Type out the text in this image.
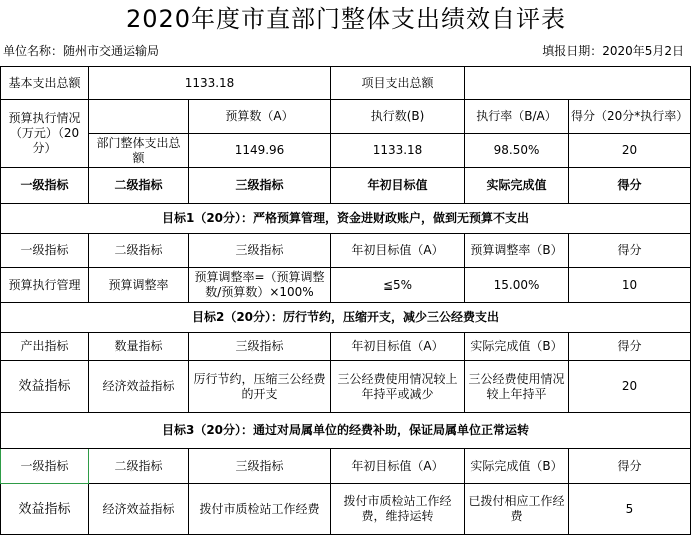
2020年度市直部门整体支出绩效自评表
单位名称：随州市交通运输局	填报日期：2020年5月2日
基本支出总额	1133.18		项目支出总额		
预算执行情况（万元）（20分）		预算数（A）	执行数(B)	执行率（B/A）	得分（20分*执行率）
	部门整体支出总额	1149.96	1133.18	98.50%	20
一级指标	二级指标	三级指标	年初目标值	实际完成值	得分
目标1（20分）：严格预算管理，资金进财政账户，做到无预算不支出					
一级指标	二级指标	三级指标	年初目标值（A）	预算调整率（B）	得分
预算执行管理	预算调整率	预算调整率=（预算调整数/预算数）×100%	≦5%	15.00%	10
目标2（20分）：厉行节约，压缩开支，减少三公经费支出					
产出指标	数量指标	三级指标	年初目标值（A）	实际完成值（B）	得分
效益指标	经济效益指标	厉行节约，压缩三公经费的开支	三公经费使用情况较上年持平或减少	三公经费使用情况较上年持平	20
目标3（20分）：通过对局属单位的经费补助，保证局属单位正常运转					
一级指标	二级指标	三级指标	年初目标值（A）	实际完成值（B）	得分
效益指标	经济效益指标	拨付市质检站工作经费	拨付市质检站工作经费，维持运转	已拨付相应工作经费	5
